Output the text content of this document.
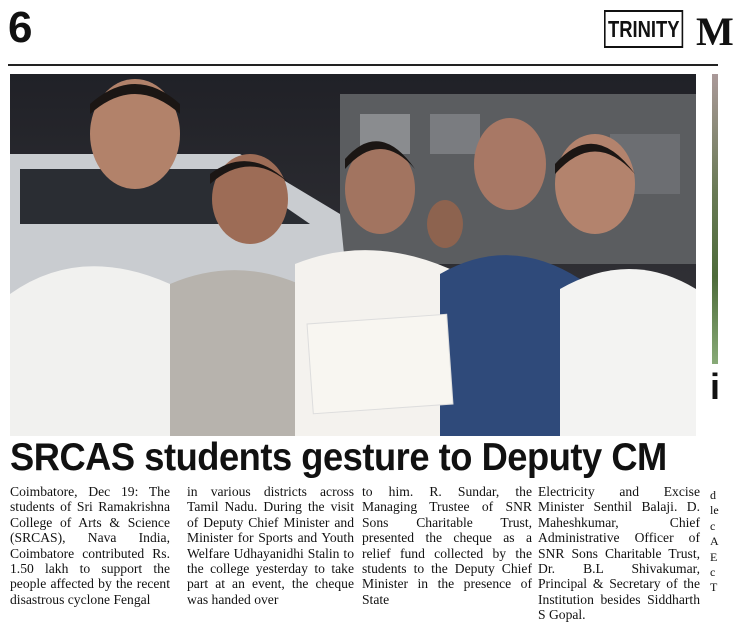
6	TRINITY M
i
SRCAS students gesture to Deputy CM

Coimbatore, Dec 19: The students of Sri Ramakrishna College of Arts & Science (SRCAS), Nava India, Coimbatore contributed Rs. 1.50 lakh to support the people affected by the recent disastrous cyclone Fengal

in various districts across Tamil Nadu. During the visit of Deputy Chief Minister and Minister for Sports and Youth Welfare Udhayanidhi Stalin to the college yesterday to take part at an event, the cheque was handed over

to him. R. Sundar, the Managing Trustee of SNR Sons Charitable Trust, presented the cheque as a relief fund collected by the students to the Deputy Chief Minister in the presence of State

Electricity and Excise Minister Senthil Balaji. D. Maheshkumar, Chief Administrative Officer of SNR Sons Charitable Trust, Dr. B.L Shivakumar, Principal & Secretary of the Institution besides Siddharth S Gopal.

d
le
c
A
E
c
T
